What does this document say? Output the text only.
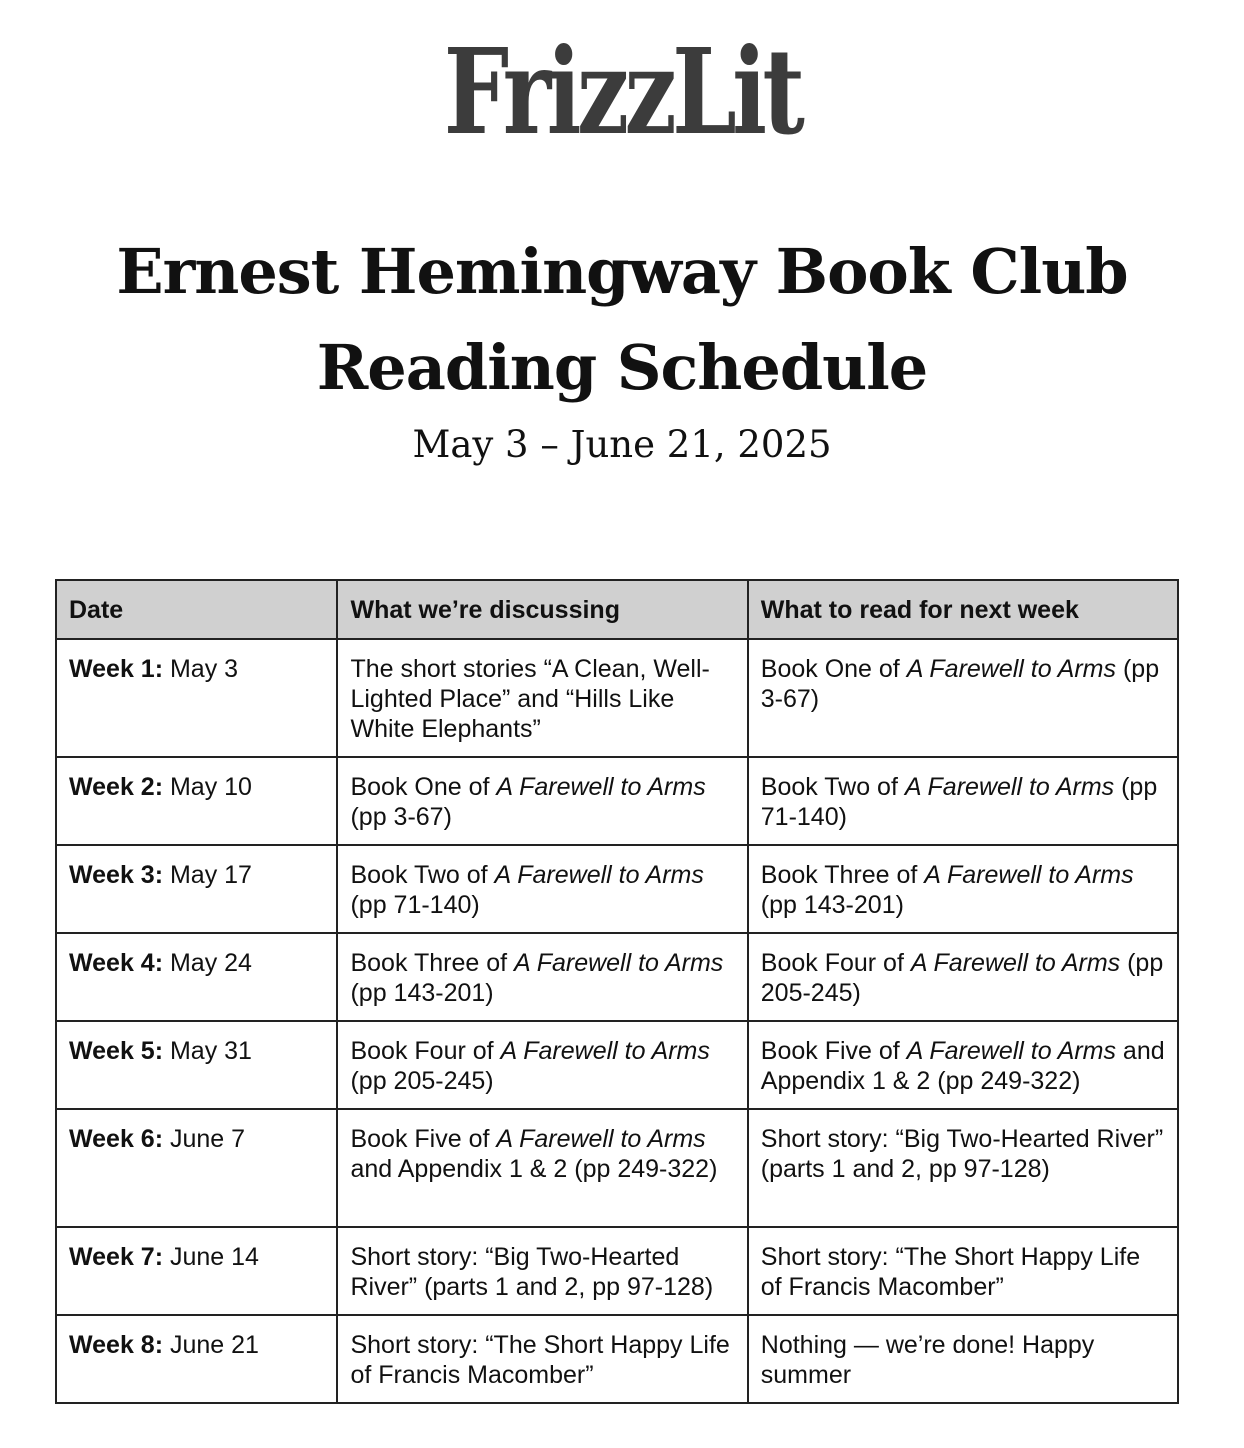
FrizzLit
Ernest Hemingway Book Club
Reading Schedule
May 3 – June 21, 2025
Date	What we’re discussing	What to read for next week
Week 1: May 3	The short stories “A Clean, Well-Lighted Place” and “Hills Like White Elephants”	Book One of A Farewell to Arms (pp 3-67)
Week 2: May 10	Book One of A Farewell to Arms (pp 3-67)	Book Two of A Farewell to Arms (pp 71-140)
Week 3: May 17	Book Two of A Farewell to Arms (pp 71-140)	Book Three of A Farewell to Arms (pp 143-201)
Week 4: May 24	Book Three of A Farewell to Arms (pp 143-201)	Book Four of A Farewell to Arms (pp 205-245)
Week 5: May 31	Book Four of A Farewell to Arms (pp 205-245)	Book Five of A Farewell to Arms and Appendix 1 & 2 (pp 249-322)
Week 6: June 7	Book Five of A Farewell to Arms and Appendix 1 & 2 (pp 249-322)	Short story: “Big Two-Hearted River” (parts 1 and 2, pp 97-128)
Week 7: June 14	Short story: “Big Two-Hearted River” (parts 1 and 2, pp 97-128)	Short story: “The Short Happy Life of Francis Macomber”
Week 8: June 21	Short story: “The Short Happy Life of Francis Macomber”	Nothing — we’re done! Happy summer
